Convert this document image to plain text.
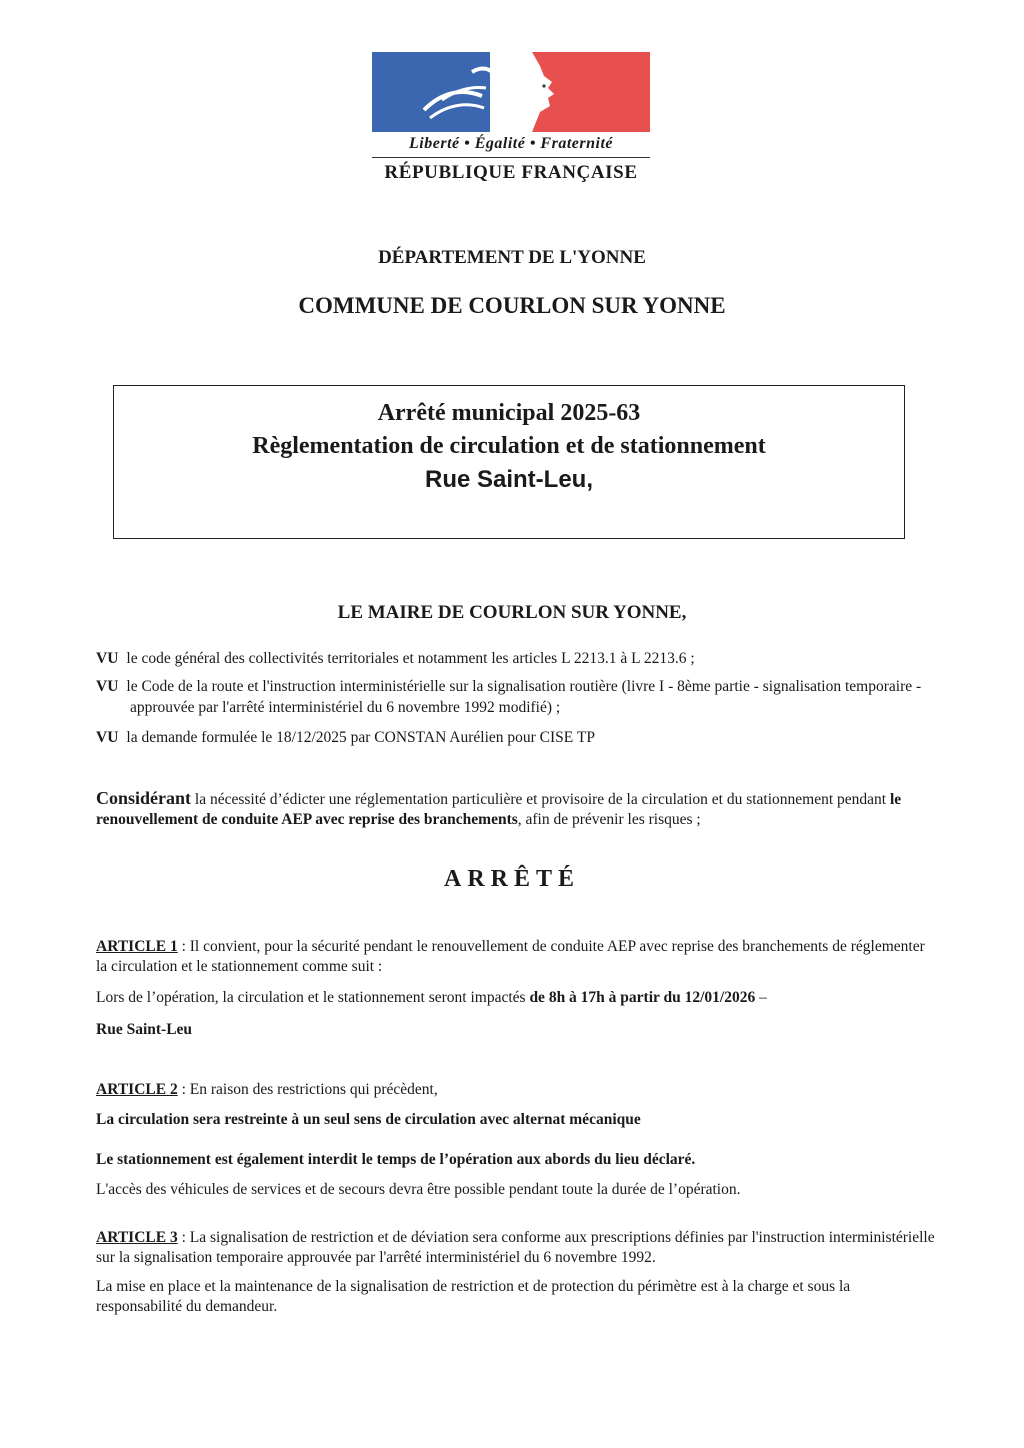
Liberté • Égalité • Fraternité
RÉPUBLIQUE FRANÇAISE
DÉPARTEMENT DE L'YONNE
COMMUNE DE COURLON SUR YONNE
Arrêté municipal 2025-63
Règlementation de circulation et de stationnement
Rue Saint-Leu,
LE MAIRE DE COURLON SUR YONNE,
VU le code général des collectivités territoriales et notamment les articles L 2213.1 à L 2213.6 ;
VU le Code de la route et l'instruction interministérielle sur la signalisation routière (livre I - 8ème partie - signalisation temporaire - approuvée par l'arrêté interministériel du 6 novembre 1992 modifié) ;
VU la demande formulée le 18/12/2025 par CONSTAN Aurélien pour CISE TP
Considérant la nécessité d’édicter une réglementation particulière et provisoire de la circulation et du stationnement pendant le renouvellement de conduite AEP avec reprise des branchements, afin de prévenir les risques ;
ARRÊTÉ
ARTICLE 1 : Il convient, pour la sécurité pendant le renouvellement de conduite AEP avec reprise des branchements de réglementer la circulation et le stationnement comme suit :
Lors de l’opération, la circulation et le stationnement seront impactés de 8h à 17h à partir du 12/01/2026 –
Rue Saint-Leu
ARTICLE 2 : En raison des restrictions qui précèdent,
La circulation sera restreinte à un seul sens de circulation avec alternat mécanique
Le stationnement est également interdit le temps de l’opération aux abords du lieu déclaré.
L'accès des véhicules de services et de secours devra être possible pendant toute la durée de l’opération.
ARTICLE 3 : La signalisation de restriction et de déviation sera conforme aux prescriptions définies par l'instruction interministérielle sur la signalisation temporaire approuvée par l'arrêté interministériel du 6 novembre 1992.
La mise en place et la maintenance de la signalisation de restriction et de protection du périmètre est à la charge et sous la responsabilité du demandeur.
